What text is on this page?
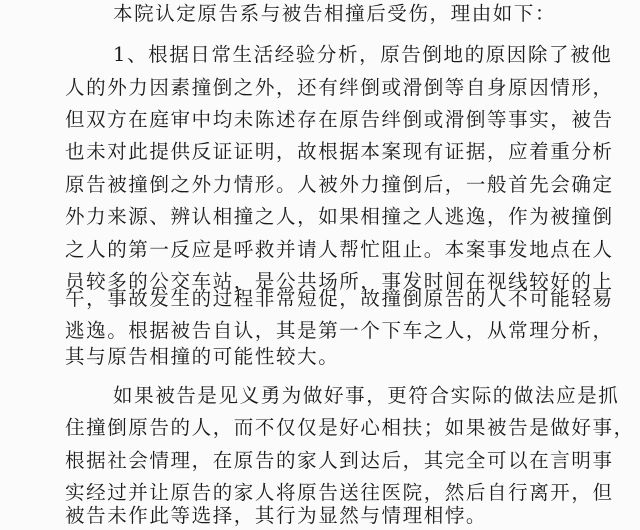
本院认定原告系与被告相撞后受伤，理由如下：

1、根据日常生活经验分析，原告倒地的原因除了被他

人的外力因素撞倒之外，还有绊倒或滑倒等自身原因情形，

但双方在庭审中均未陈述存在原告绊倒或滑倒等事实，被告

也未对此提供反证证明，故根据本案现有证据，应着重分析

原告被撞倒之外力情形。人被外力撞倒后，一般首先会确定

外力来源、辨认相撞之人，如果相撞之人逃逸，作为被撞倒

之人的第一反应是呼救并请人帮忙阻止。本案事发地点在人

员较多的公交车站，是公共场所，事发时间在视线较好的上

午，事故发生的过程非常短促，故撞倒原告的人不可能轻易

逃逸。根据被告自认，其是第一个下车之人，从常理分析，

其与原告相撞的可能性较大。

如果被告是见义勇为做好事，更符合实际的做法应是抓

住撞倒原告的人，而不仅仅是好心相扶；如果被告是做好事，

根据社会情理，在原告的家人到达后，其完全可以在言明事

实经过并让原告的家人将原告送往医院，然后自行离开，但

被告未作此等选择，其行为显然与情理相悖。
